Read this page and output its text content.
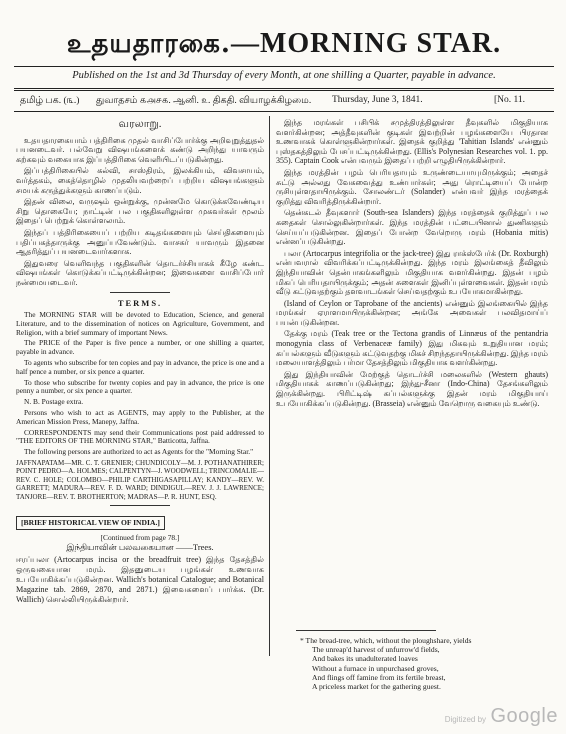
உதயதாரகை.—MORNING STAR.
Published on the 1st and 3d Thursday of every Month, at one shilling a Quarter, payable in advance.
தமிழ் பக. (௩.) துவாதசம் ௧௮௪௧. ஆனி. ௨. திகதி. வியாழக்கிழமை. Thursday, June 3, 1841.	[No. 11.
வரலாறு.

உதயதாரகையாம் பத்திரிகை முதல் வாசிப்போர்க்கு அறிவுறுத்துதல் பயனடைவர். பல்வேறு விஷயங்களைக் கண்டு அறிந்து யாவரும் கற்கவும் வகையாக இப்பத்திரிகை வெளியிடப்படுகின்றது.

இப்பத்திரிகையில் கல்வி, சாஸ்திரம், இலக்கியம், விவசாயம், வர்த்தகம், கைத்தொழில் முதலியவற்றைப் பற்றிய விஷயங்களும் சமயக் கருத்துக்களும் காணப்படும்.

இதன் விலை, வருஷம் ஒன்றுக்கு, முன்னமே கொடுக்கவேண்டிய சிறு தொகையே; நாட்டின் பல பகுதிகளிலுள்ள முகவர்கள் மூலம் இதைப் பெற்றுக் கொள்ளலாம்.

இந்தப் பத்திரிகையைப் பற்றிய கடிதங்களையும் செய்திகளையும் பதிப்பகத்தாருக்கு அனுப்பவேண்டும். வாசகர் யாவரும் இதனை ஆதரித்துப் பயனடைவார்களாக.

இதுவரை வெளிவந்த பகுதிகளின் தொடர்ச்சியாகக் கீழே கண்ட விஷயங்கள் கொடுக்கப்பட்டிருக்கின்றன; இவைகளை வாசிப்போர் நன்மையடைவர்.

TERMS.

The MORNING STAR will be devoted to Education, Science, and general Literature, and to the dissemination of notices on Agriculture, Government, and Religion, with a brief summary of important News.

The PRICE of the Paper is five pence a number, or one shilling a quarter, payable in advance.

To agents who subscribe for ten copies and pay in advance, the price is one and a half pence a number, or six pence a quarter.

To those who subscribe for twenty copies and pay in advance, the price is one penny a number, or six pence a quarter.

N. B. Postage extra.

Persons who wish to act as AGENTS, may apply to the Publisher, at the American Mission Press, Manepy, Jaffna.

CORRESPONDENTS may send their Communications post paid addressed to "THE EDITORS OF THE MORNING STAR," Batticotta, Jaffna.

The following persons are authorized to act as Agents for the "Morning Star."

JAFFNAPATAM—MR. C. T. GRENIER; CHUNDICOLY—M. J. POTHANATHIRER; POINT PEDRO—A. HOLMES; CALPENTYN—J. WOODWELL; TRINCOMALIE—REV. C. HOLE; COLOMBO—PHILIP CARTHIGASAPILLAY; KANDY—REV. W. GARRETT; MADURA—REV. F. D. WARD; DINDIGUL—REV. J. J. LAWRENCE; TANJORE—REV. T. BROTHERTON; MADRAS—P. R. HUNT, ESQ.
[BRIEF HISTORICAL VIEW OF INDIA.]
[Continued from page 78.]
இந்தியாவின் பலவகையான ——Trees.
ஈரப்பலா (Artocarpus incisa or the breadfruit tree) இந்த தேசத்தில் ஒருவகையான மரம். இதனுடைய பழங்கள் உணவாக உபயோகிக்கப்படுகின்றன. Wallich's botanical Catalogue; and Botanical Magazine tab. 2869, 2870, and 2871.) இவைகளைப் பார்க்க. (Dr. Wallich) சொல்லியிருக்கின்றார்.

இந்த மரங்கள் பசிபிக் சமுத்திரத்திலுள்ள தீவுகளில் மிகுதியாக வளர்கின்றன; அத்தீவுகளின் குடிகள் இவற்றின் பழங்களையே பிரதான உணவாகக் கொள்ளுகின்றார்கள். இதைக் குறித்து 'Tahitian Islands' என்னும் புஸ்தகத்திலும் பேசப்பட்டிருக்கின்றது. (Ellis's Polynesian Researches vol. 1. pp. 355). Captain Cook என்பவரும் இதைப் பற்றி எழுதியிருக்கின்றார்.

இந்த மரத்தின் பழம் பெரியதாயும் உருண்டையாயுமிருக்கும்; அதைச் சுட்டு அல்லது வேகவைத்து உண்பார்கள்; அது ரொட்டியைப் போன்ற ருசியுள்ளதாயிருக்கும். சோலண்டர் (Solander) என்பவர் இந்த மரத்தைக் குறித்து விவரித்திருக்கின்றார்.

தென்கடல் தீவுகளார் (South-sea Islanders) இந்த மரத்தைக் குறித்துப் பல கதைகள் சொல்லுகின்றார்கள். இந்த மரத்தின் பட்டையினால் துணிகளும் செய்யப்படுகின்றன. இதைப் போன்ற வேறொரு மரம் (Hobania mitis) என்னப்படுகின்றது.

பலா (Artocarpus integrifolia or the jack-tree) இது ராக்ஸ்பேர்க் (Dr. Roxburgh) என்பவரால் விவரிக்கப்பட்டிருக்கின்றது. இந்த மரம் இலங்கைத் தீவிலும் இந்தியாவின் தென்பாகங்களிலும் மிகுதியாக வளர்கின்றது. இதன் பழம் மிகப் பெரியதாயிருக்கும்; அதன் சுளைகள் இனிப்புள்ளவைகள். இதன் மரம் வீடு கட்டுவதற்கும் தளவாடங்கள் செய்வதற்கும் உபயோகமாகின்றது.

(Island of Ceylon or Taprobane of the ancients) என்னும் இலங்கையில் இந்த மரங்கள் ஏராளமாயிருக்கின்றன; அங்கே அவைகள் பலவிதமாய்ப் பயன்படுகின்றன.

தேக்கு மரம் (Teak tree or the Tectona grandis of Linnæus of the pentandria monogynia class of Verbenaceæ family) இது மிகவும் உறுதியான மரம்; கப்பல்களும் வீடுகளும் கட்டுவதற்கு மிகச் சிறந்ததாயிருக்கின்றது. இந்த மரம் மலையாளத்திலும் பர்மா தேசத்திலும் மிகுதியாக வளர்கின்றது.

இது இந்தியாவின் மேற்குத் தொடர்ச்சி மலைகளில் (Western ghauts) மிகுதியாகக் காணப்படுகின்றது; இந்து-சீனா (Indo-China) தேசங்களிலும் இருக்கின்றது. பிரிட்டிஷ் கப்பல்களுக்கு இதன் மரம் மிகுதியாய் உபயோகிக்கப்படுகின்றது. (Brasseia) என்னும் வேறொரு வகையும் உண்டு.

* The bread-tree, which, without the ploughshare, yields

The unreap'd harvest of unfurrow'd fields,

And bakes its unadulterated loaves

Without a furnace in unpurchased groves,

And flings off famine from its fertile breast,

A priceless market for the gathering guest.

Digitized by Google
